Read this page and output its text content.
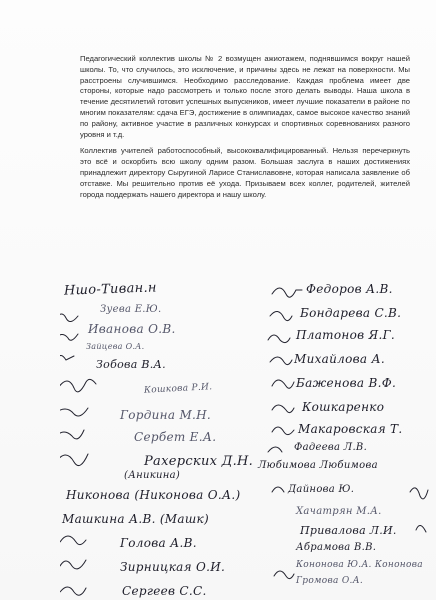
Педагогический коллектив школы № 2 возмущен ажиотажем, поднявшимся вокруг нашей школы. То, что случилось, это исключение, и причины здесь не лежат на поверхности. Мы расстроены случившимся. Необходимо расследование. Каждая проблема имеет две стороны, которые надо рассмотреть и только после этого делать выводы. Наша школа в течение десятилетий готовит успешных выпускников, имеет лучшие показатели в районе по многим показателям: сдача ЕГЭ, достижение в олимпиадах, самое высокое качество знаний по району, активное участие в различных конкурсах и спортивных соревнованиях разного уровня и т.д.

Коллектив учителей работоспособный, высококвалифицированный. Нельзя перечеркнуть это всё и оскорбить всю школу одним разом. Большая заслуга в наших достижениях принадлежит директору Сыругиной Ларисе Станиславовне, которая написала заявление об отставке. Мы решительно против её ухода. Призываем всех коллег, родителей, жителей города поддержать нашего директора и нашу школу.

Ншо-Тиван.н
Зуева Е.Ю.
Иванова О.В.
Зайцева О.А.
Зобова В.А.
Кошкова Р.И.
Гордина М.Н.
Сербет Е.А.
Рахерских Д.Н.
(Аникина)
Никонова (Никонова О.А.)
Машкина А.В. (Машк)
Голова А.В.
Зирницкая О.И.
Сергеев С.С.
Федоров А.В.
Бондарева С.В.
Платонов Я.Г.
Михайлова А.
Баженова В.Ф.
Кошкаренко
Макаровская Т.
Фадеева Л.В.
Любимова Любимова
Дайнова Ю.
Хачатрян М.А.
Привалова Л.И.
Абрамова В.В.
Кононова Ю.А. Кононова
Громова О.А.
